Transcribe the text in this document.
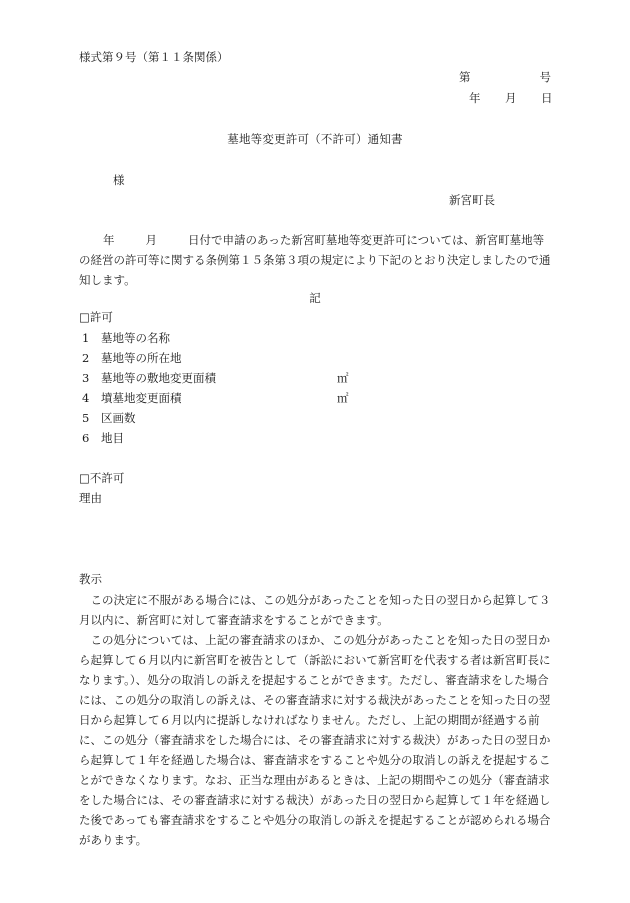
様式第９号（第１１条関係）
第	号
年 月 日
墓地等変更許可（不許可）通知書
様
新宮町長
年	月	日付で申請のあった新宮町墓地等変更許可については、新宮町墓地等の経営の許可等に関する条例第１５条第３項の規定により下記のとおり決定しましたので通知します。
記
□許可
1 墓地等の名称
2 墓地等の所在地
3 墓地等の敷地変更面積	㎡
4 墳墓地変更面積	㎡
5 区画数
6 地目
□不許可
理由
教示

この決定に不服がある場合には、この処分があったことを知った日の翌日から起算して３月以内に、新宮町に対して審査請求をすることができます。

この処分については、上記の審査請求のほか、この処分があったことを知った日の翌日から起算して６月以内に新宮町を被告として（訴訟において新宮町を代表する者は新宮町長になります。）、処分の取消しの訴えを提起することができます。ただし、審査請求をした場合には、この処分の取消しの訴えは、その審査請求に対する裁決があったことを知った日の翌日から起算して６月以内に提訴しなければなりません。ただし、上記の期間が経過する前に、この処分（審査請求をした場合には、その審査請求に対する裁決）があった日の翌日から起算して１年を経過した場合は、審査請求をすることや処分の取消しの訴えを提起することができなくなります。なお、正当な理由があるときは、上記の期間やこの処分（審査請求をした場合には、その審査請求に対する裁決）があった日の翌日から起算して１年を経過した後であっても審査請求をすることや処分の取消しの訴えを提起することが認められる場合があります。
